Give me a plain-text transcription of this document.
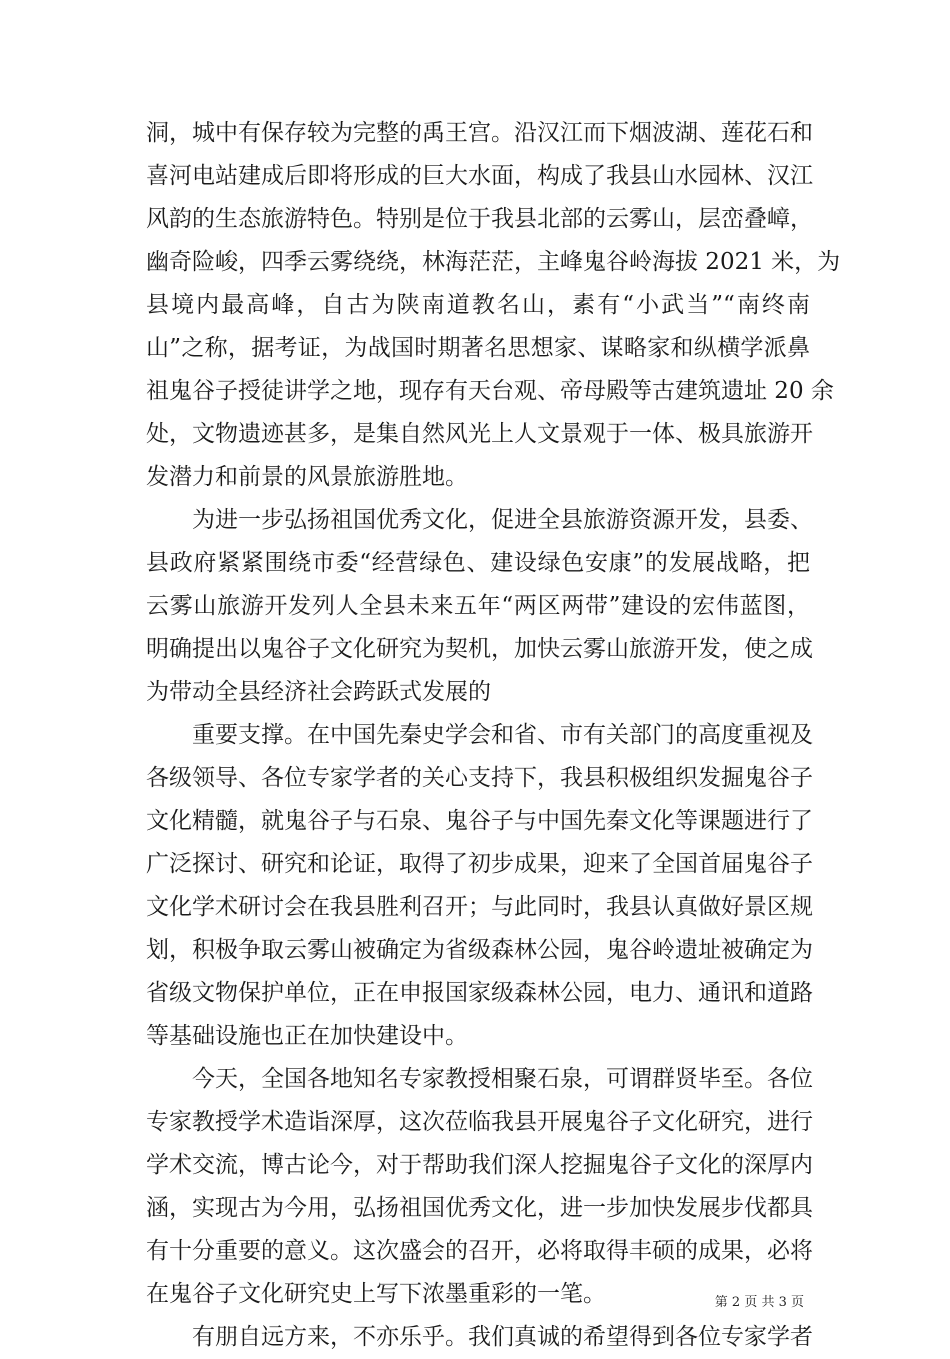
洞，城中有保存较为完整的禹王宫。沿汉江而下烟波湖、莲花石和
喜河电站建成后即将形成的巨大水面，构成了我县山水园林、汉江
风韵的生态旅游特色。特别是位于我县北部的云雾山，层峦叠嶂，
幽奇险峻，四季云雾绕绕，林海茫茫，主峰鬼谷岭海拔 2021 米，为
县境内最高峰，自古为陕南道教名山，素有“小武当”“南终南
山”之称，据考证，为战国时期著名思想家、谋略家和纵横学派鼻
祖鬼谷子授徒讲学之地，现存有天台观、帝母殿等古建筑遗址 20 余
处，文物遗迹甚多，是集自然风光上人文景观于一体、极具旅游开
发潜力和前景的风景旅游胜地。
为进一步弘扬祖国优秀文化，促进全县旅游资源开发，县委、
县政府紧紧围绕市委“经营绿色、建设绿色安康”的发展战略，把
云雾山旅游开发列人全县未来五年“两区两带”建设的宏伟蓝图，
明确提出以鬼谷子文化研究为契机，加快云雾山旅游开发，使之成
为带动全县经济社会跨跃式发展的
重要支撑。在中国先秦史学会和省、市有关部门的高度重视及
各级领导、各位专家学者的关心支持下，我县积极组织发掘鬼谷子
文化精髓，就鬼谷子与石泉、鬼谷子与中国先秦文化等课题进行了
广泛探讨、研究和论证，取得了初步成果，迎来了全国首届鬼谷子
文化学术研讨会在我县胜利召开；与此同时，我县认真做好景区规
划，积极争取云雾山被确定为省级森林公园，鬼谷岭遗址被确定为
省级文物保护单位，正在申报国家级森林公园，电力、通讯和道路
等基础设施也正在加快建设中。
今天，全国各地知名专家教授相聚石泉，可谓群贤毕至。各位
专家教授学术造诣深厚，这次莅临我县开展鬼谷子文化研究，进行
学术交流，博古论今，对于帮助我们深人挖掘鬼谷子文化的深厚内
涵，实现古为今用，弘扬祖国优秀文化，进一步加快发展步伐都具
有十分重要的意义。这次盛会的召开，必将取得丰硕的成果，必将
在鬼谷子文化研究史上写下浓墨重彩的一笔。
有朋自远方来，不亦乐乎。我们真诚的希望得到各位专家学者
第 2 页 共 3 页
